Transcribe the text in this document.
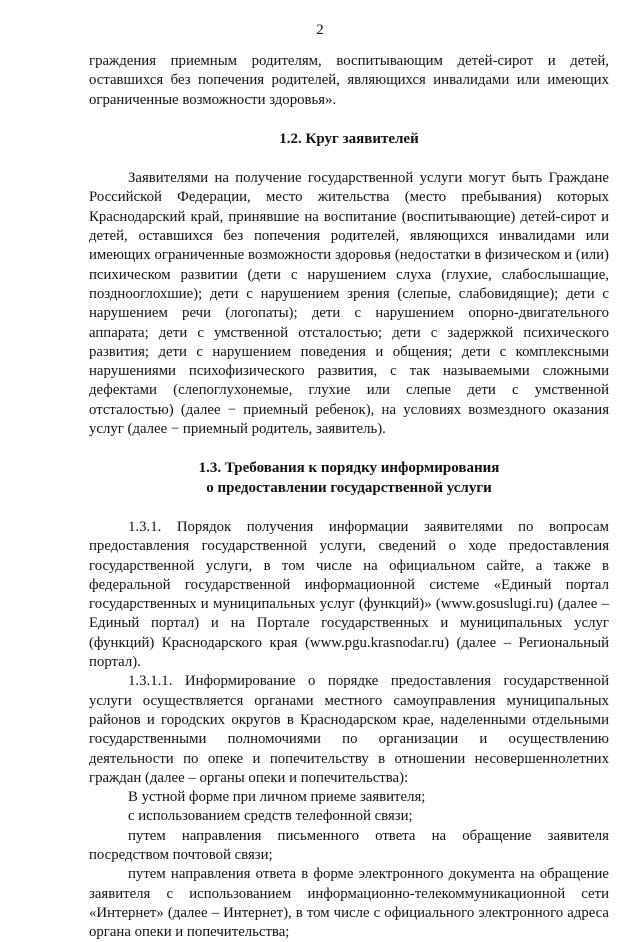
2

граждения приемным родителям, воспитывающим детей-сирот и детей, оставшихся без попечения родителей, являющихся инвалидами или имеющих ограниченные возможности здоровья».

1.2. Круг заявителей

Заявителями на получение государственной услуги могут быть Граждане Российской Федерации, место жительства (место пребывания) которых Краснодарский край, принявшие на воспитание (воспитывающие) детей-сирот и детей, оставшихся без попечения родителей, являющихся инвалидами или имеющих ограниченные возможности здоровья (недостатки в физическом и (или) психическом развитии (дети с нарушением слуха (глухие, слабослышащие, позднооглохшие); дети с нарушением зрения (слепые, слабовидящие); дети с нарушением речи (логопаты); дети с нарушением опорно-двигательного аппарата; дети с умственной отсталостью; дети с задержкой психического развития; дети с нарушением поведения и общения; дети с комплексными нарушениями психофизического развития, с так называемыми сложными дефектами (слепоглухонемые, глухие или слепые дети с умственной отсталостью) (далее − приемный ребенок), на условиях возмездного оказания услуг (далее − приемный родитель, заявитель).

1.3. Требования к порядку информирования
о предоставлении государственной услуги

1.3.1. Порядок получения информации заявителями по вопросам предоставления государственной услуги, сведений о ходе предоставления государственной услуги, в том числе на официальном сайте, а также в федеральной государственной информационной системе «Единый портал государственных и муниципальных услуг (функций)» (www.gosuslugi.ru) (далее – Единый портал) и на Портале государственных и муниципальных услуг (функций) Краснодарского края (www.pgu.krasnodar.ru) (далее – Региональный портал).

1.3.1.1. Информирование о порядке предоставления государственной услуги осуществляется органами местного самоуправления муниципальных районов и городских округов в Краснодарском крае, наделенными отдельными государственными полномочиями по организации и осуществлению деятельности по опеке и попечительству в отношении несовершеннолетних граждан (далее – органы опеки и попечительства):

В устной форме при личном приеме заявителя;

с использованием средств телефонной связи;

путем направления письменного ответа на обращение заявителя посредством почтовой связи;

путем направления ответа в форме электронного документа на обращение заявителя с использованием информационно-телекоммуникационной сети «Интернет» (далее – Интернет), в том числе с официального электронного адреса органа опеки и попечительства;
